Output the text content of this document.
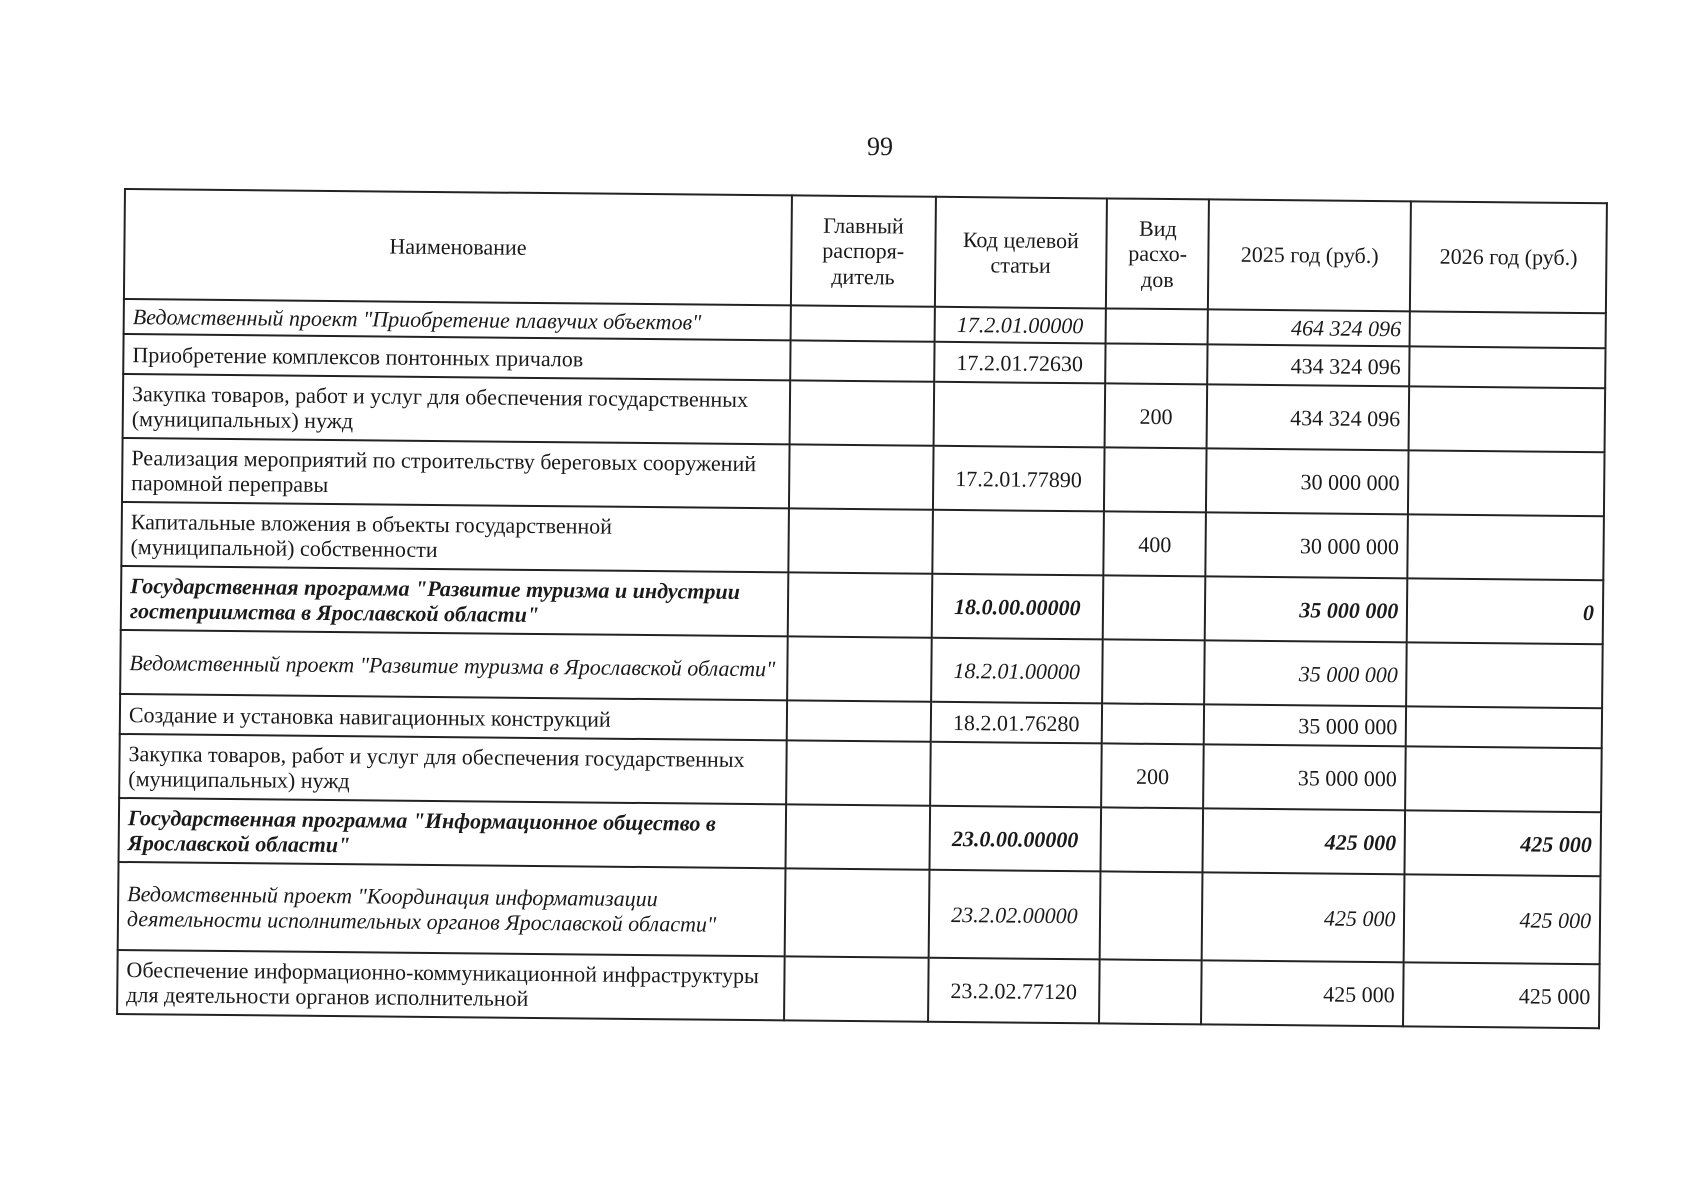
99
Наименование	Главный распоря-дитель	Код целевой статьи	Вид расхо-дов	2025 год (руб.)	2026 год (руб.)
Ведомственный проект "Приобретение плавучих объектов"		17.2.01.00000		464 324 096	
Приобретение комплексов понтонных причалов		17.2.01.72630		434 324 096	
Закупка товаров, работ и услуг для обеспечения государственных (муниципальных) нужд			200	434 324 096	
Реализация мероприятий по строительству береговых сооружений паромной переправы		17.2.01.77890		30 000 000	
Капитальные вложения в объекты государственной (муниципальной) собственности			400	30 000 000	
Государственная программа "Развитие туризма и индустрии гостеприимства в Ярославской области"		18.0.00.00000		35 000 000	0
Ведомственный проект "Развитие туризма в Ярославской области"		18.2.01.00000		35 000 000	
Создание и установка навигационных конструкций		18.2.01.76280		35 000 000	
Закупка товаров, работ и услуг для обеспечения государственных (муниципальных) нужд			200	35 000 000	
Государственная программа "Информационное общество в Ярославской области"		23.0.00.00000		425 000	425 000
Ведомственный проект "Координация информатизации деятельности исполнительных органов Ярославской области"		23.2.02.00000		425 000	425 000
Обеспечение информационно-коммуникационной инфраструктуры для деятельности органов исполнительной		23.2.02.77120		425 000	425 000
